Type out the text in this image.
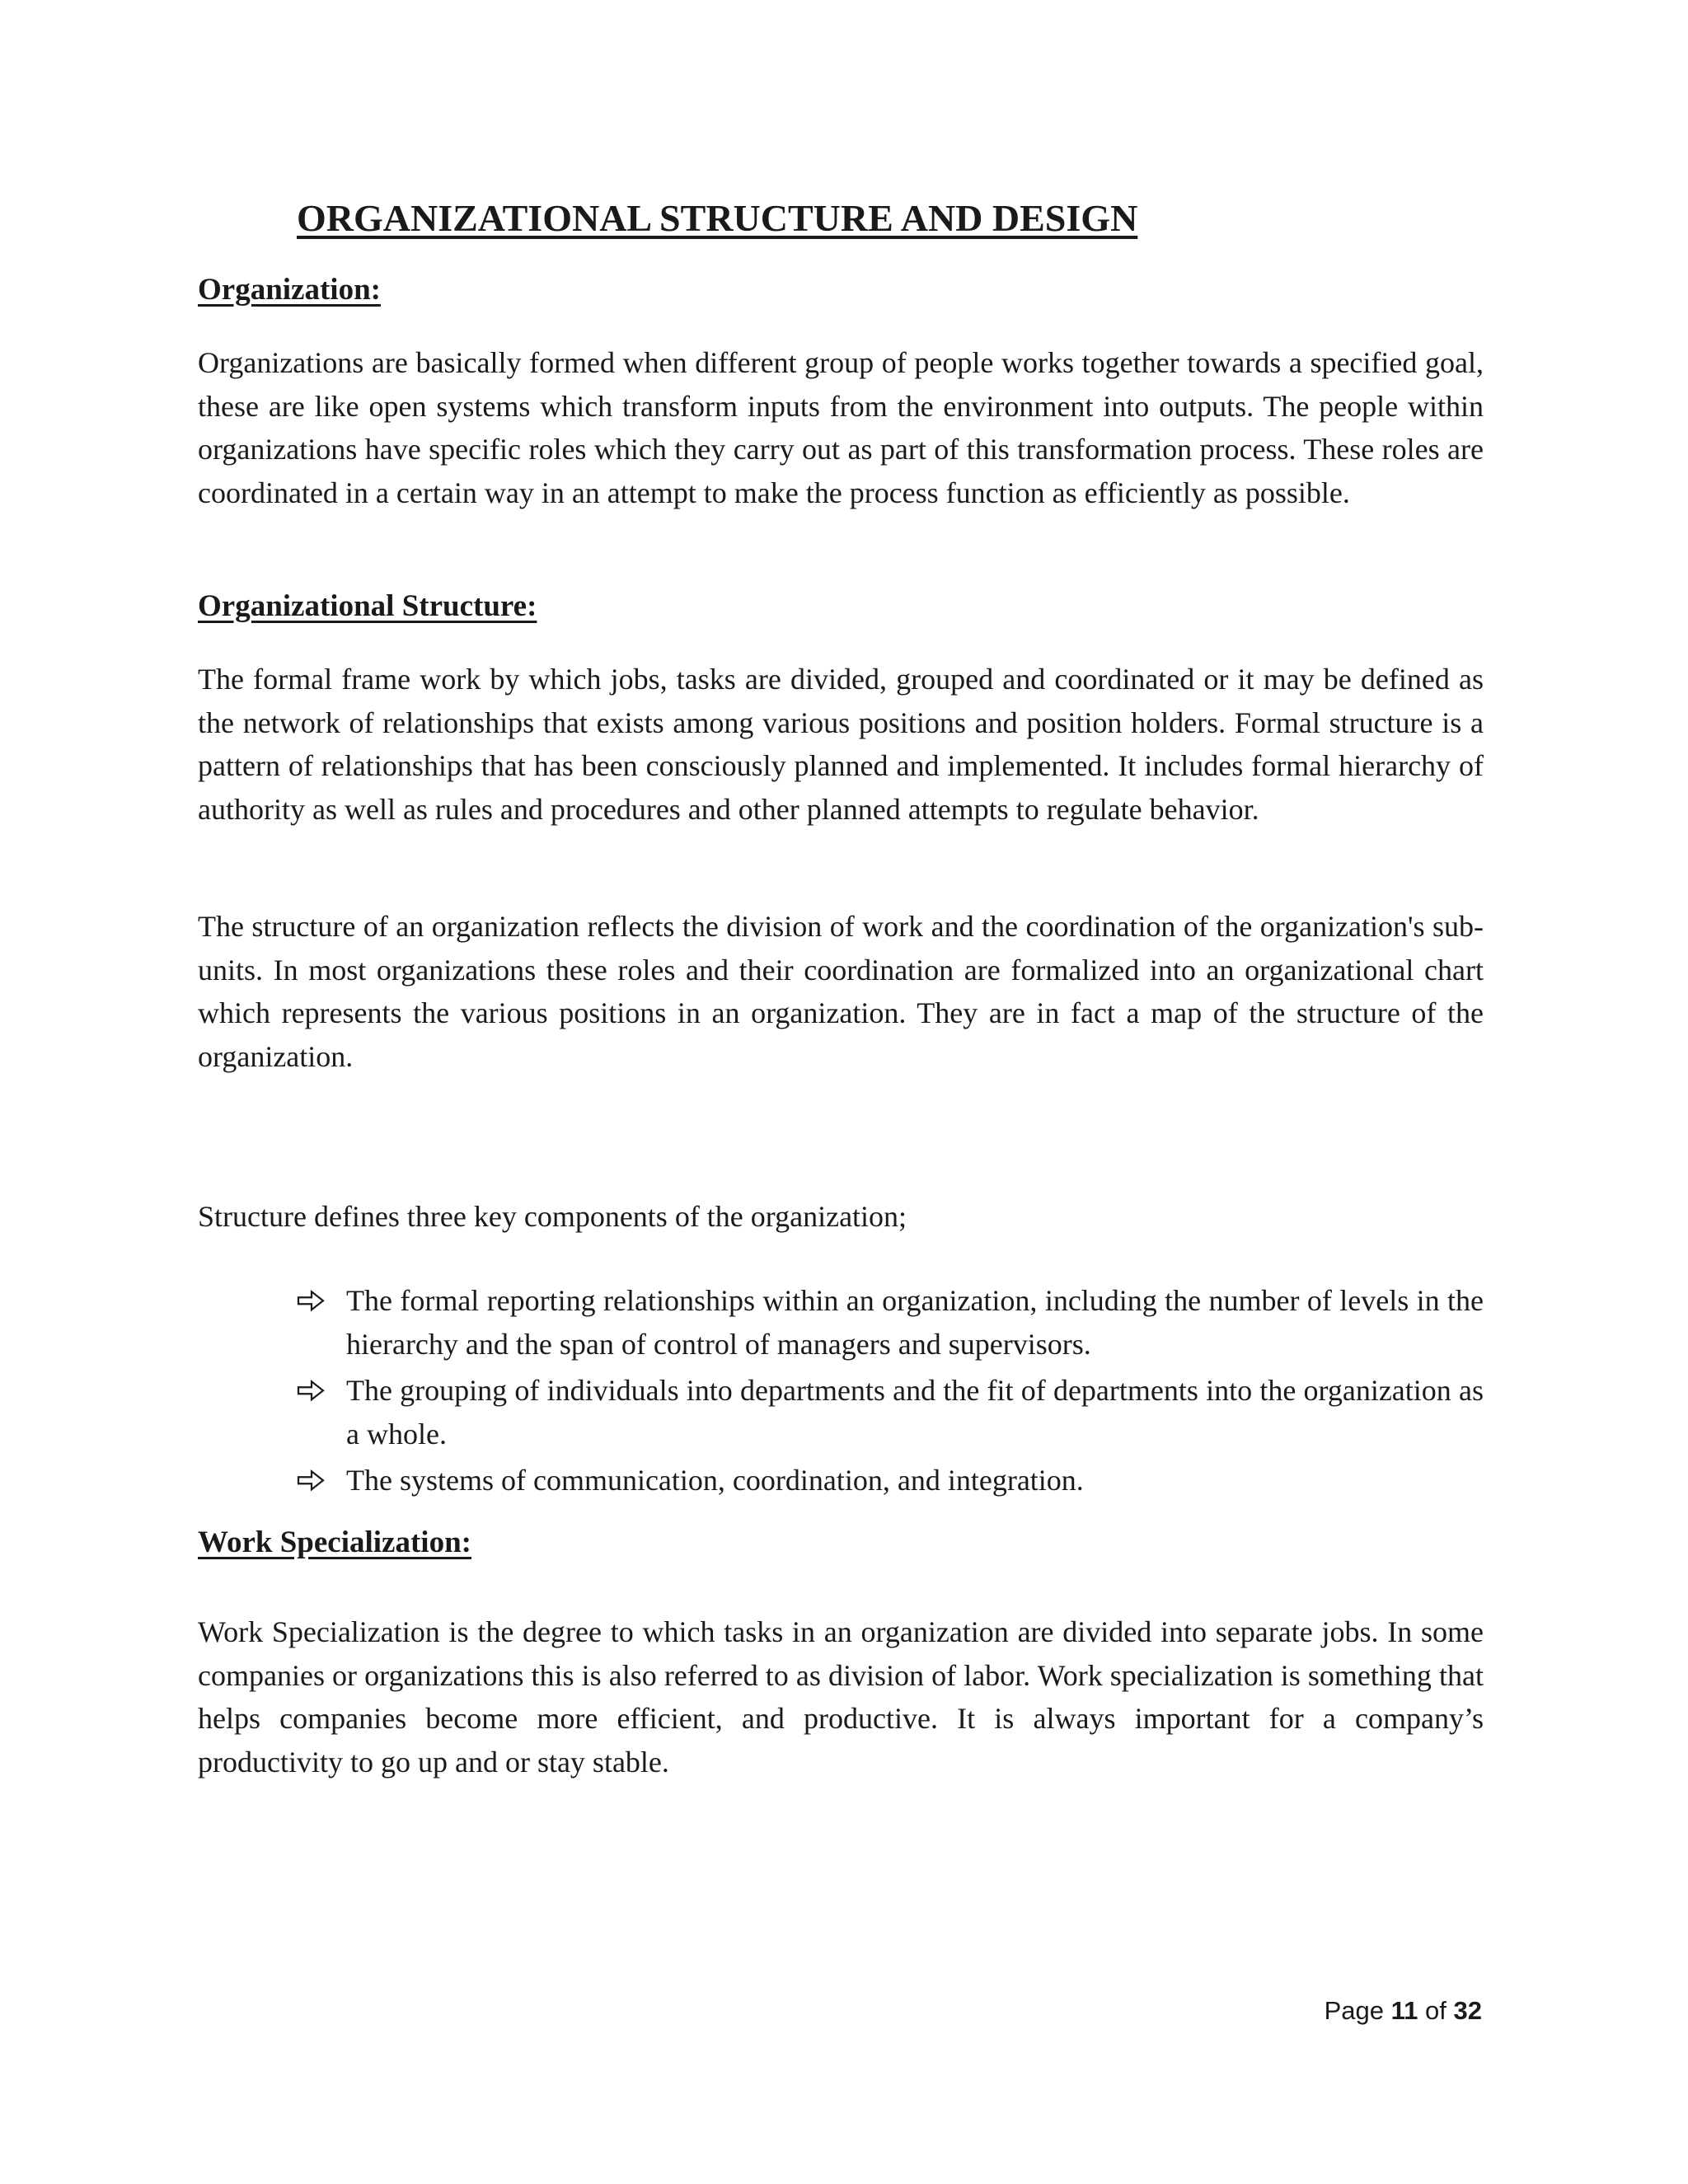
ORGANIZATIONAL STRUCTURE AND DESIGN
Organization:

Organizations are basically formed when different group of people works together towards a specified goal, these are like open systems which transform inputs from the environment into outputs. The people within organizations have specific roles which they carry out as part of this transformation process. These roles are coordinated in a certain way in an attempt to make the process function as efficiently as possible.

Organizational Structure:

The formal frame work by which jobs, tasks are divided, grouped and coordinated or it may be defined as the network of relationships that exists among various positions and position holders. Formal structure is a pattern of relationships that has been consciously planned and implemented. It includes formal hierarchy of authority as well as rules and procedures and other planned attempts to regulate behavior.

The structure of an organization reflects the division of work and the coordination of the organization's sub-units. In most organizations these roles and their coordination are formalized into an organizational chart which represents the various positions in an organization. They are in fact a map of the structure of the organization.

Structure defines three key components of the organization;

The formal reporting relationships within an organization, including the number of levels in the hierarchy and the span of control of managers and supervisors.
The grouping of individuals into departments and the fit of departments into the organization as a whole.
The systems of communication, coordination, and integration.
Work Specialization:

Work Specialization is the degree to which tasks in an organization are divided into separate jobs. In some companies or organizations this is also referred to as division of labor. Work specialization is something that helps companies become more efficient, and productive. It is always important for a company’s productivity to go up and or stay stable.

Page 11 of 32
